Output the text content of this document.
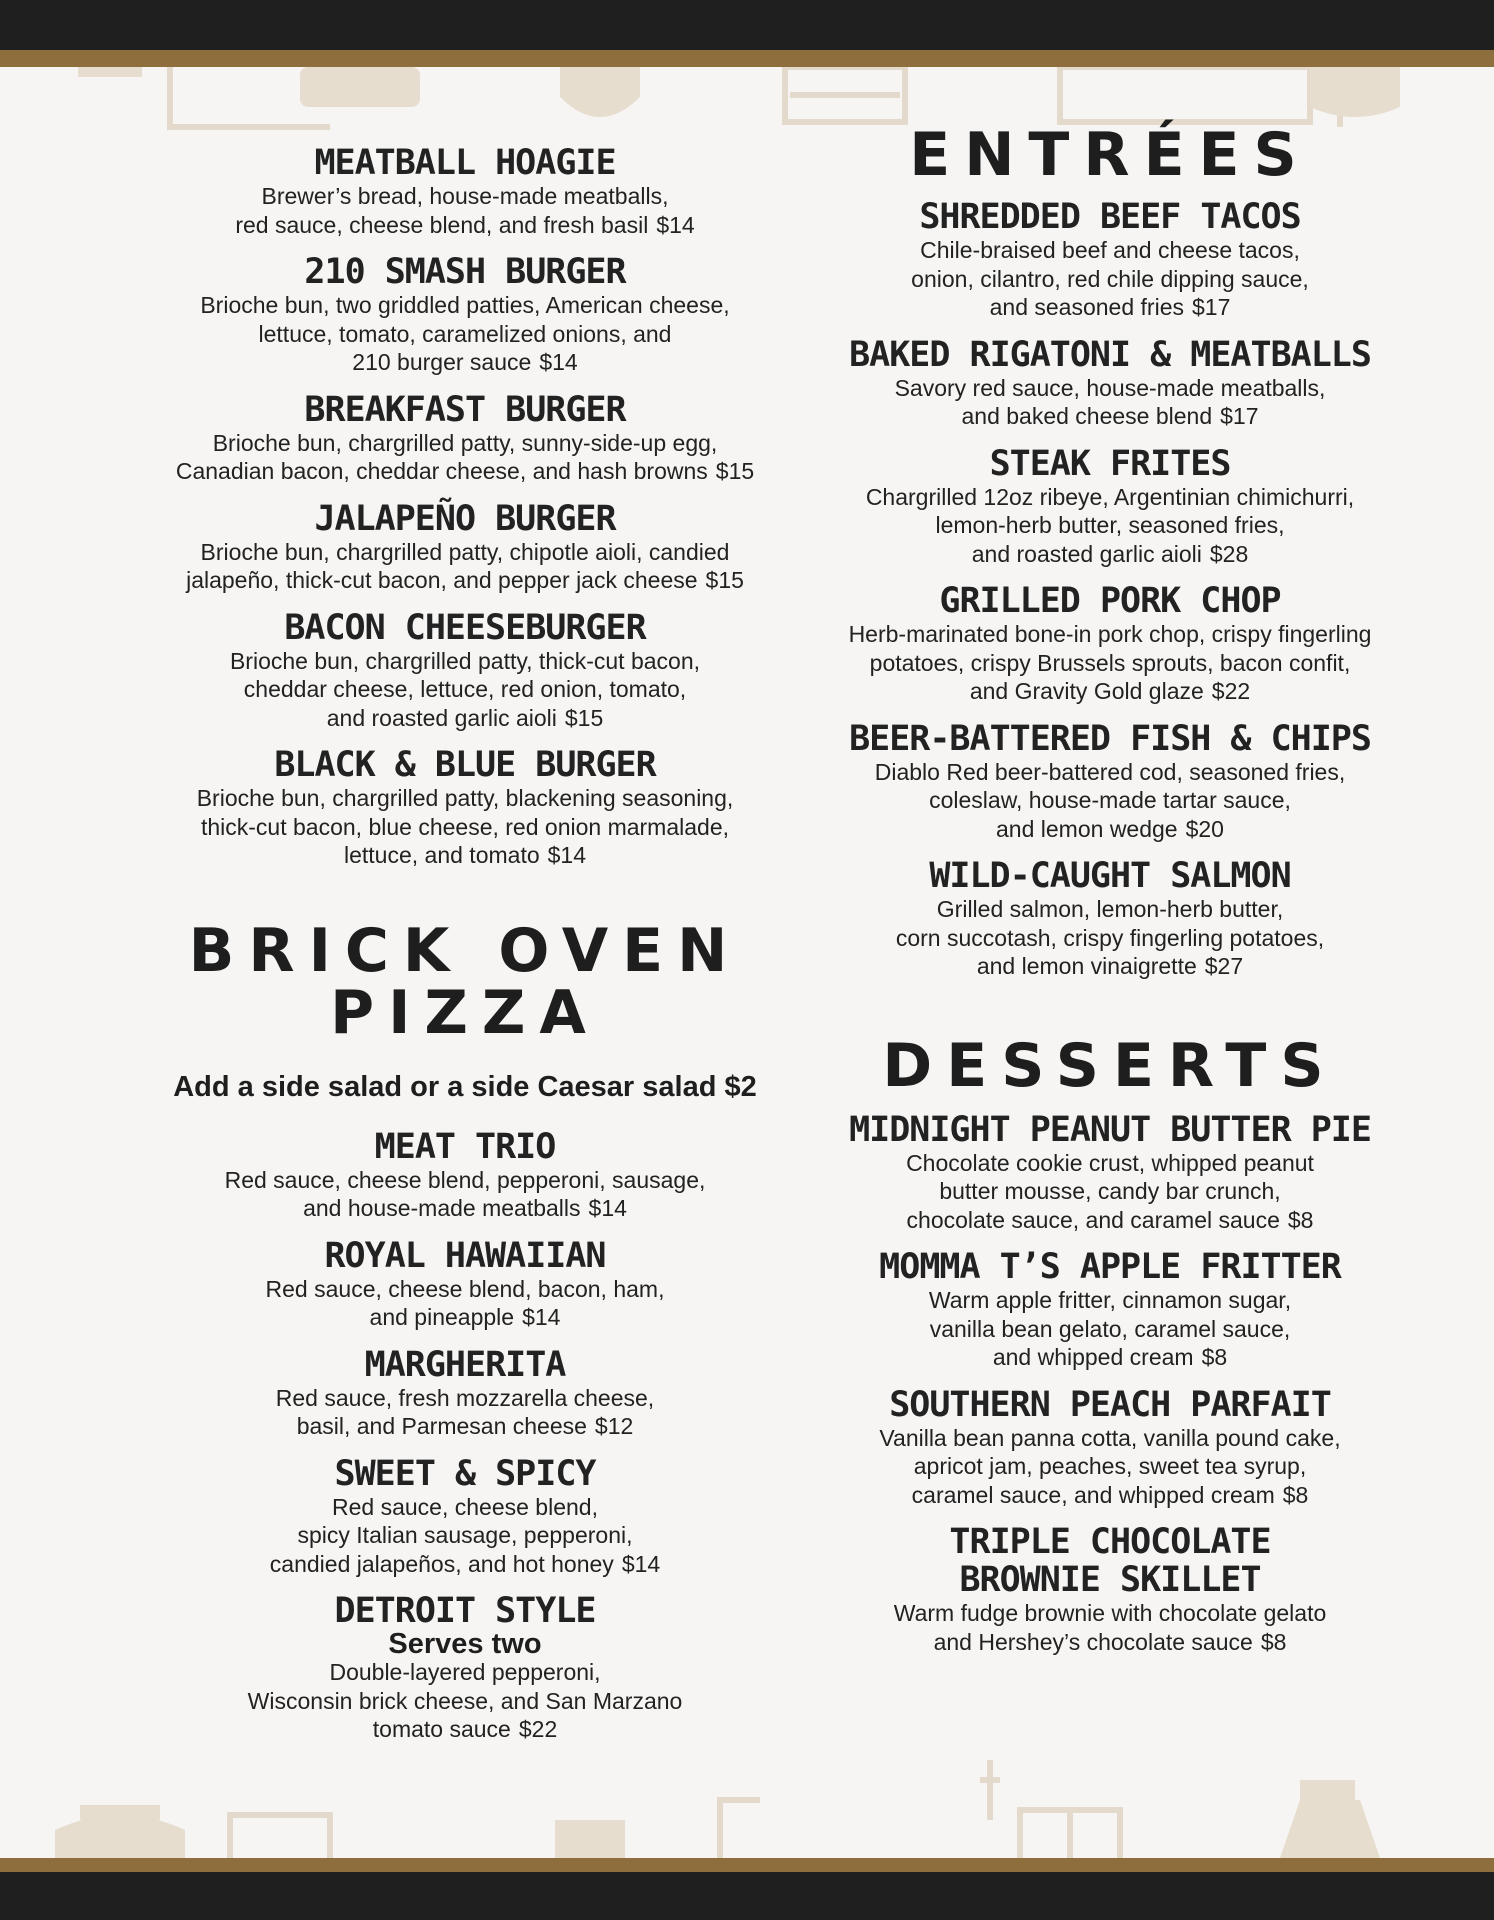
MEATBALL HOAGIE
Brewer’s bread, house-made meatballs,
red sauce, cheese blend, and fresh basil $14
210 SMASH BURGER
Brioche bun, two griddled patties, American cheese,
lettuce, tomato, caramelized onions, and
210 burger sauce $14
BREAKFAST BURGER
Brioche bun, chargrilled patty, sunny-side-up egg,
Canadian bacon, cheddar cheese, and hash browns $15
JALAPEÑO BURGER
Brioche bun, chargrilled patty, chipotle aioli, candied
jalapeño, thick-cut bacon, and pepper jack cheese $15
BACON CHEESEBURGER
Brioche bun, chargrilled patty, thick-cut bacon,
cheddar cheese, lettuce, red onion, tomato,
and roasted garlic aioli $15
BLACK & BLUE BURGER
Brioche bun, chargrilled patty, blackening seasoning,
thick-cut bacon, blue cheese, red onion marmalade,
lettuce, and tomato $14
BRICK OVEN
PIZZA
Add a side salad or a side Caesar salad $2
MEAT TRIO
Red sauce, cheese blend, pepperoni, sausage,
and house-made meatballs $14
ROYAL HAWAIIAN
Red sauce, cheese blend, bacon, ham,
and pineapple $14
MARGHERITA
Red sauce, fresh mozzarella cheese,
basil, and Parmesan cheese $12
SWEET & SPICY
Red sauce, cheese blend,
spicy Italian sausage, pepperoni,
candied jalapeños, and hot honey $14
DETROIT STYLE
Serves two
Double-layered pepperoni,
Wisconsin brick cheese, and San Marzano
tomato sauce $22
ENTRÉES
SHREDDED BEEF TACOS
Chile-braised beef and cheese tacos,
onion, cilantro, red chile dipping sauce,
and seasoned fries $17
BAKED RIGATONI & MEATBALLS
Savory red sauce, house-made meatballs,
and baked cheese blend $17
STEAK FRITES
Chargrilled 12oz ribeye, Argentinian chimichurri,
lemon-herb butter, seasoned fries,
and roasted garlic aioli $28
GRILLED PORK CHOP
Herb-marinated bone-in pork chop, crispy fingerling
potatoes, crispy Brussels sprouts, bacon confit,
and Gravity Gold glaze $22
BEER-BATTERED FISH & CHIPS
Diablo Red beer-battered cod, seasoned fries,
coleslaw, house-made tartar sauce,
and lemon wedge $20
WILD-CAUGHT SALMON
Grilled salmon, lemon-herb butter,
corn succotash, crispy fingerling potatoes,
and lemon vinaigrette $27
DESSERTS
MIDNIGHT PEANUT BUTTER PIE
Chocolate cookie crust, whipped peanut
butter mousse, candy bar crunch,
chocolate sauce, and caramel sauce $8
MOMMA T’S APPLE FRITTER
Warm apple fritter, cinnamon sugar,
vanilla bean gelato, caramel sauce,
and whipped cream $8
SOUTHERN PEACH PARFAIT
Vanilla bean panna cotta, vanilla pound cake,
apricot jam, peaches, sweet tea syrup,
caramel sauce, and whipped cream $8
TRIPLE CHOCOLATE
BROWNIE SKILLET
Warm fudge brownie with chocolate gelato
and Hershey’s chocolate sauce $8
